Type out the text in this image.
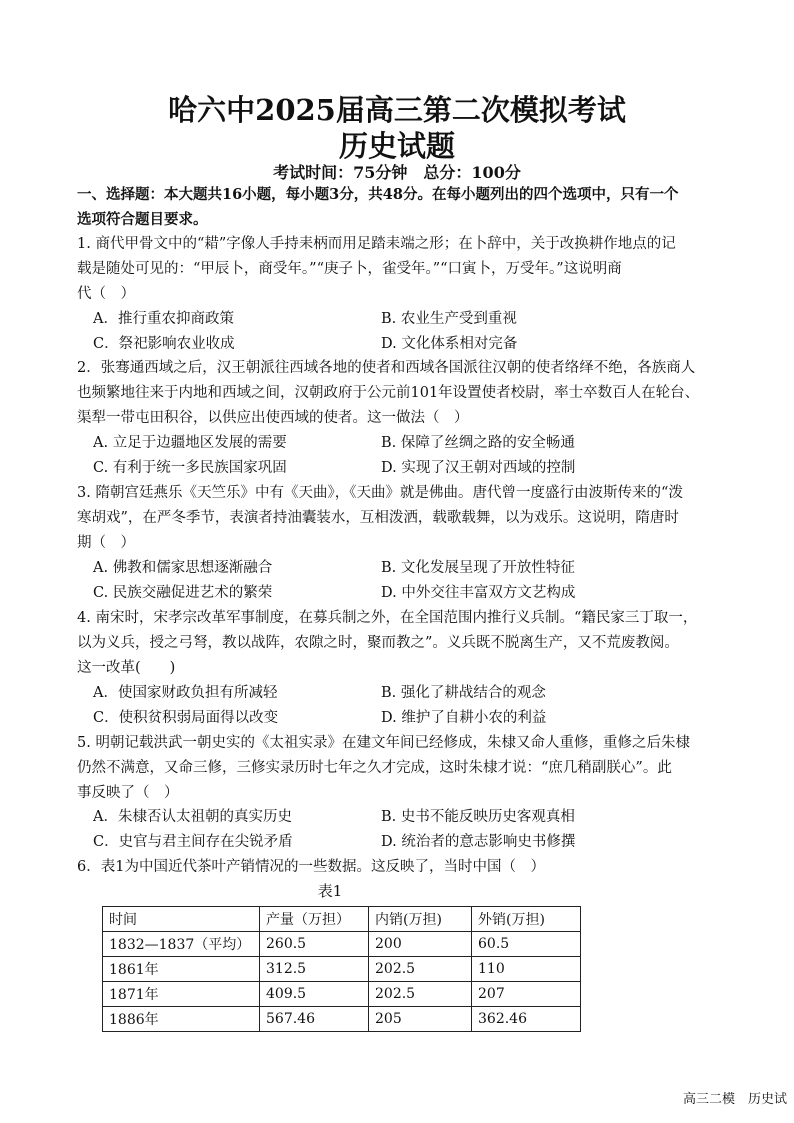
哈六中2025届高三第二次模拟考试
历史试题
考试时间：75分钟　总分：100分
一、选择题：本大题共16小题，每小题3分，共48分。在每小题列出的四个选项中，只有一个
选项符合题目要求。
1. 商代甲骨文中的“耤”字像人手持耒柄而用足踏耒端之形；在卜辞中，关于改换耕作地点的记
载是随处可见的：“甲辰卜，商受年。”“庚子卜，雀受年。”“口寅卜，万受年。”这说明商
代（　）
A．推行重农抑商政策	B. 农业生产受到重视
C．祭祀影响农业收成	D. 文化体系相对完备
2．张骞通西域之后，汉王朝派往西域各地的使者和西域各国派往汉朝的使者络绎不绝，各族商人
也频繁地往来于内地和西域之间，汉朝政府于公元前101年设置使者校尉，率士卒数百人在轮台、
渠犁一带屯田积谷，以供应出使西域的使者。这一做法（　）
A. 立足于边疆地区发展的需要	B. 保障了丝绸之路的安全畅通
C. 有利于统一多民族国家巩固	D. 实现了汉王朝对西域的控制
3. 隋朝宫廷燕乐《天竺乐》中有《天曲》，《天曲》就是佛曲。唐代曾一度盛行由波斯传来的“泼
寒胡戏”，在严冬季节，表演者持油囊装水，互相泼洒，载歌载舞，以为戏乐。这说明，隋唐时
期（　）
A. 佛教和儒家思想逐渐融合	B. 文化发展呈现了开放性特征
C. 民族交融促进艺术的繁荣	D. 中外交往丰富双方文艺构成
4. 南宋时，宋孝宗改革军事制度，在募兵制之外，在全国范围内推行义兵制。“籍民家三丁取一，
以为义兵，授之弓弩，教以战阵，农隙之时，聚而教之”。义兵既不脱离生产，又不荒废教阅。
这一改革(　　)
A．使国家财政负担有所减轻	B. 强化了耕战结合的观念
C．使积贫积弱局面得以改变	D. 维护了自耕小农的利益
5. 明朝记载洪武一朝史实的《太祖实录》在建文年间已经修成，朱棣又命人重修，重修之后朱棣
仍然不满意，又命三修，三修实录历时七年之久才完成，这时朱棣才说：“庶几稍副朕心”。此
事反映了（　）
A．朱棣否认太祖朝的真实历史	B. 史书不能反映历史客观真相
C．史官与君主间存在尖锐矛盾	D. 统治者的意志影响史书修撰
6．表1为中国近代茶叶产销情况的一些数据。这反映了，当时中国（　）
表1
时间	产量（万担）	内销(万担)	外销(万担)
1832—1837（平均）	260.5	200	60.5
1861年	312.5	202.5	110
1871年	409.5	202.5	207
1886年	567.46	205	362.46
高三二模　历史试
